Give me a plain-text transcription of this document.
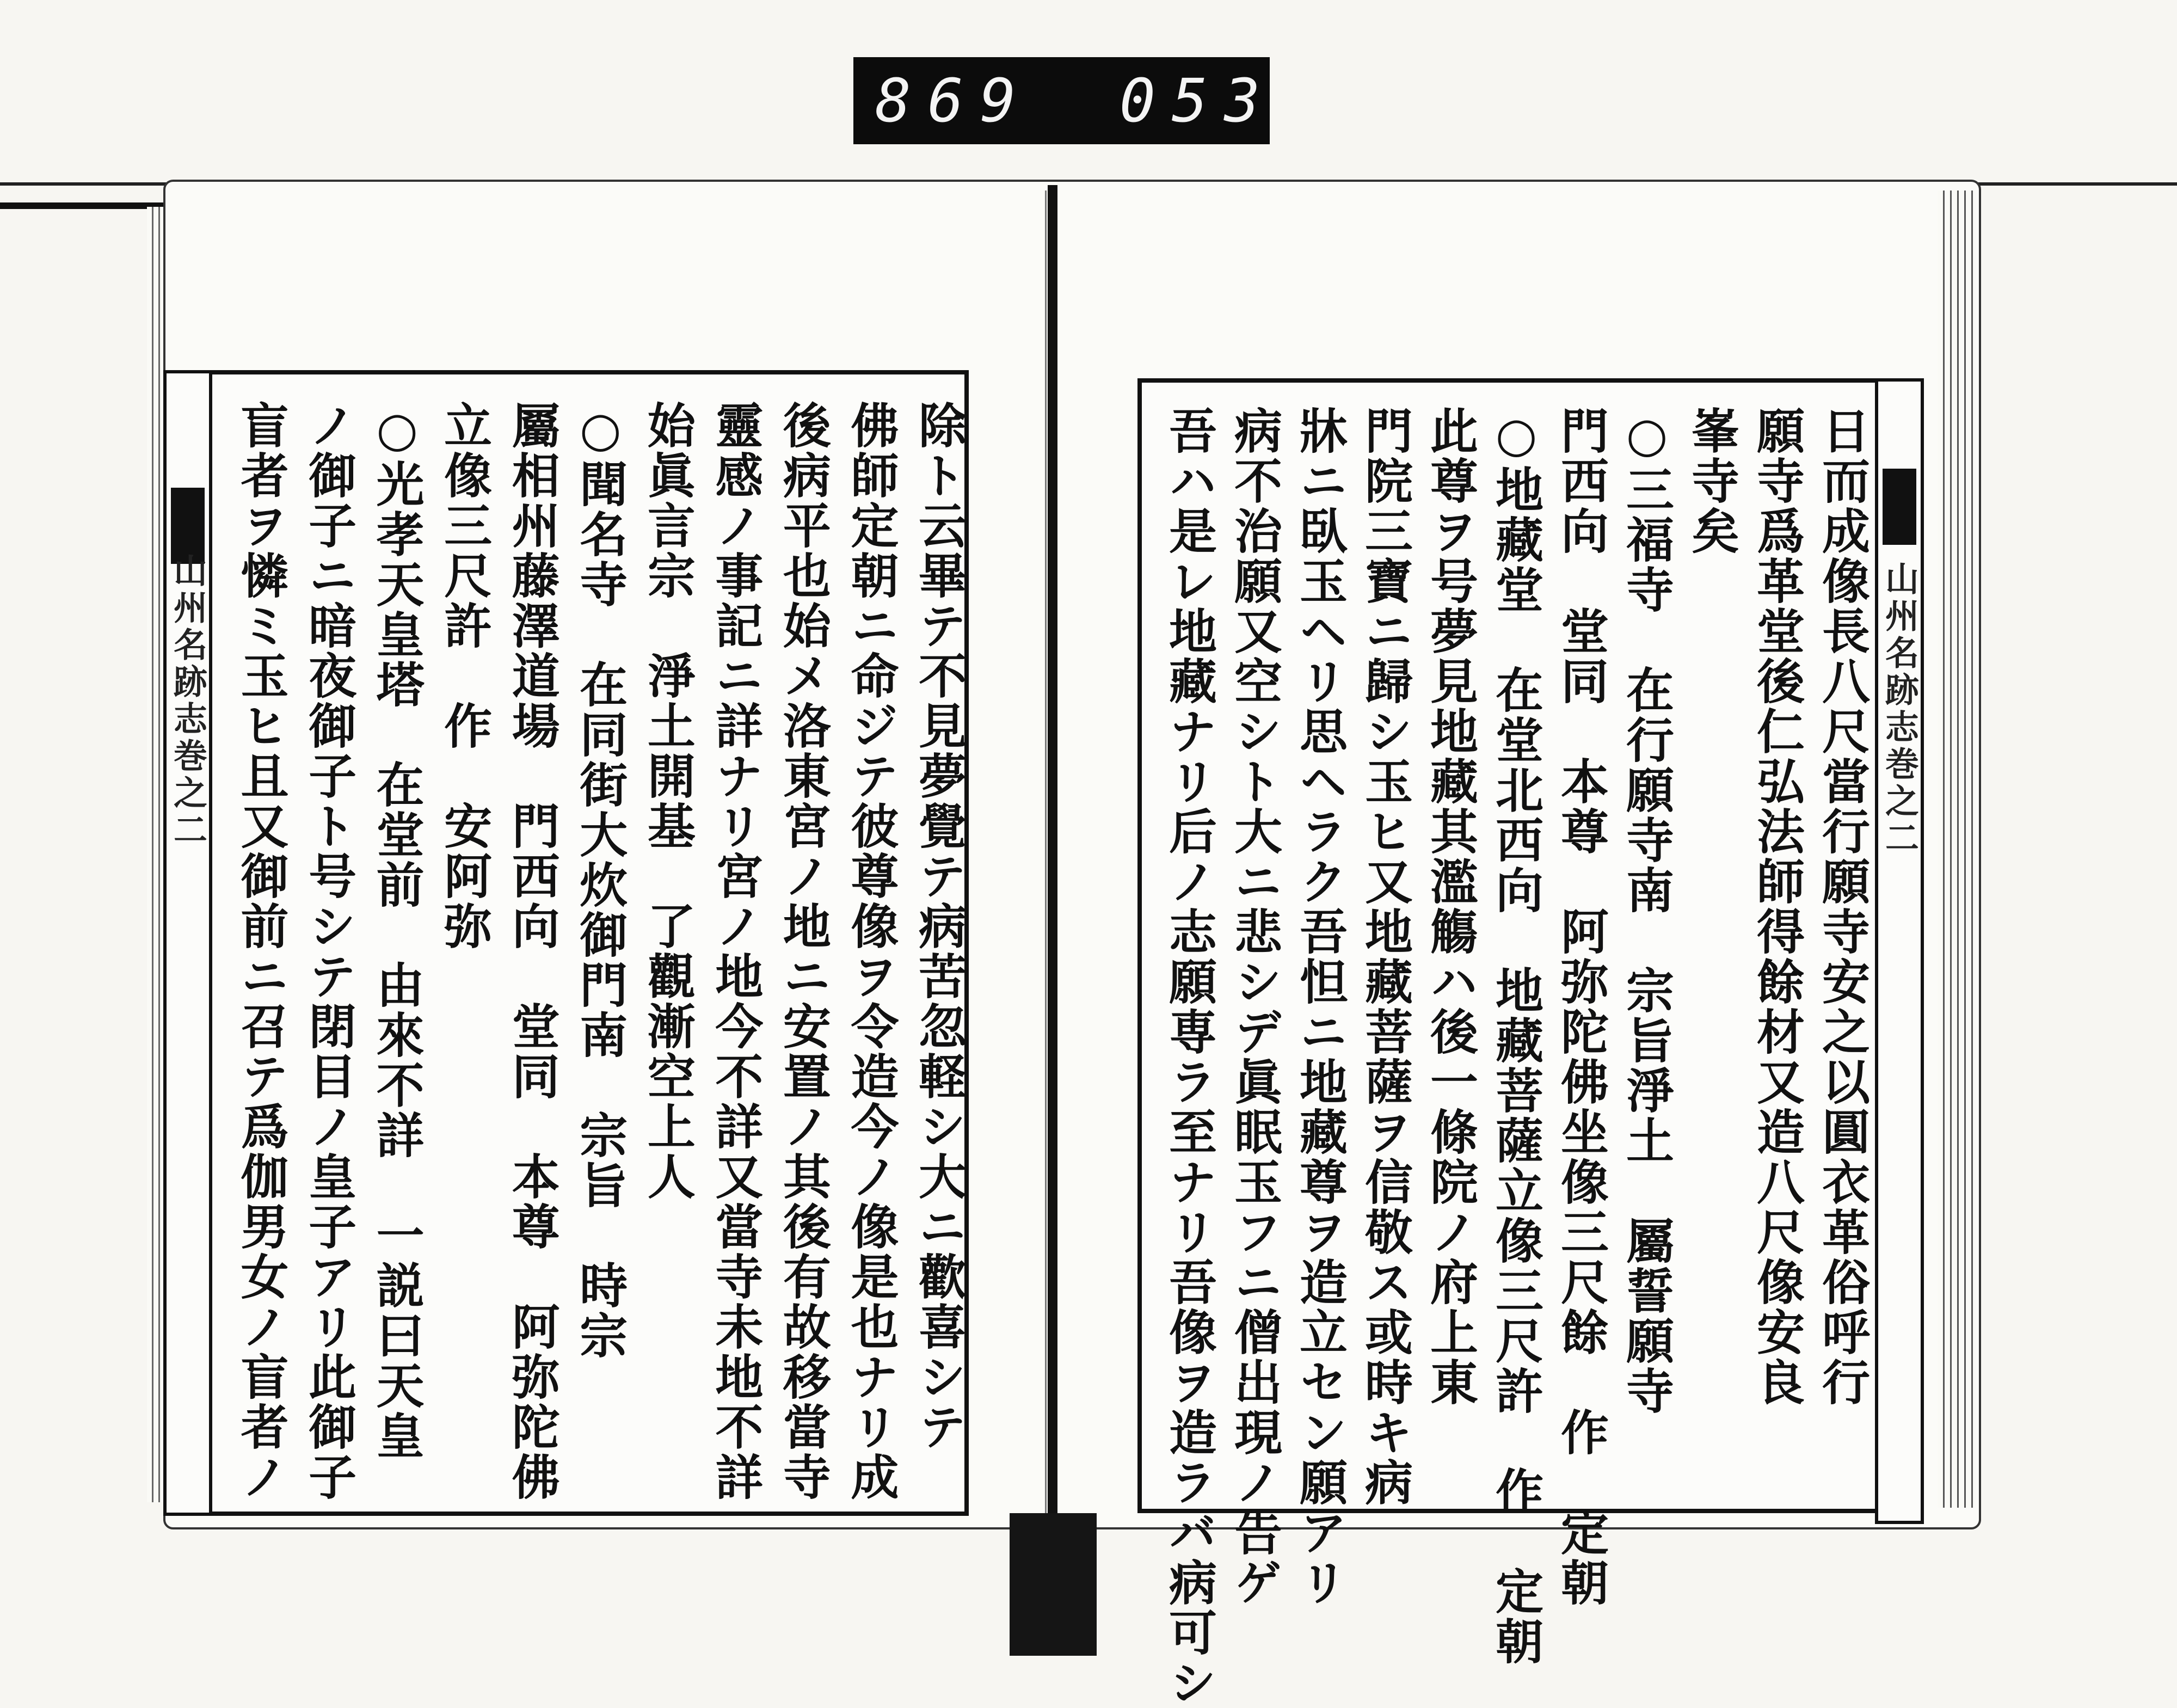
869 053
山州名跡志巻之二
日而成像長八尺當行願寺安之以圓衣革俗呼行
願寺爲革堂後仁弘法師得餘材又造八尺像安良
峯寺矣
○三福寺　在行願寺南　宗旨淨土　屬誓願寺
門西向　堂同　本尊　阿弥陀佛坐像三尺餘　作　定朝
○地藏堂　在堂北西向　地藏菩薩立像三尺許　作　定朝
此尊ヲ号夢見地藏其濫觴ハ後一條院ノ府上東
門院三寶ニ歸シ玉ヒ又地藏菩薩ヲ信敬ス或時キ病
牀ニ臥玉ヘリ思ヘラク吾怛ニ地藏尊ヲ造立セン願アリ
病不治願又空シト大ニ悲シデ眞眠玉フニ僧出現ノ告ゲ
吾ハ是レ地藏ナリ后ノ志願専ラ至ナリ吾像ヲ造ラバ病可シ
山州名跡志巻之二	除ト云畢テ不見夢覺テ病苦忽軽シ大ニ歡喜シテ
佛師定朝ニ命ジテ彼尊像ヲ令造今ノ像是也ナリ成
後病平也始メ洛東宮ノ地ニ安置ノ其後有故移當寺
靈感ノ事記ニ詳ナリ宮ノ地今不詳又當寺未地不詳
始眞言宗　淨土開基　了觀漸空上人
○聞名寺　在同街大炊御門南　宗旨　時宗
屬相州藤澤道場　門西向　堂同　本尊　阿弥陀佛
立像三尺許　作　安阿弥
○光孝天皇塔　在堂前　由來不詳　一説曰天皇
ノ御子ニ暗夜御子ト号シテ閉目ノ皇子アリ此御子
盲者ヲ憐ミ玉ヒ且又御前ニ召テ爲伽男女ノ盲者ノ
